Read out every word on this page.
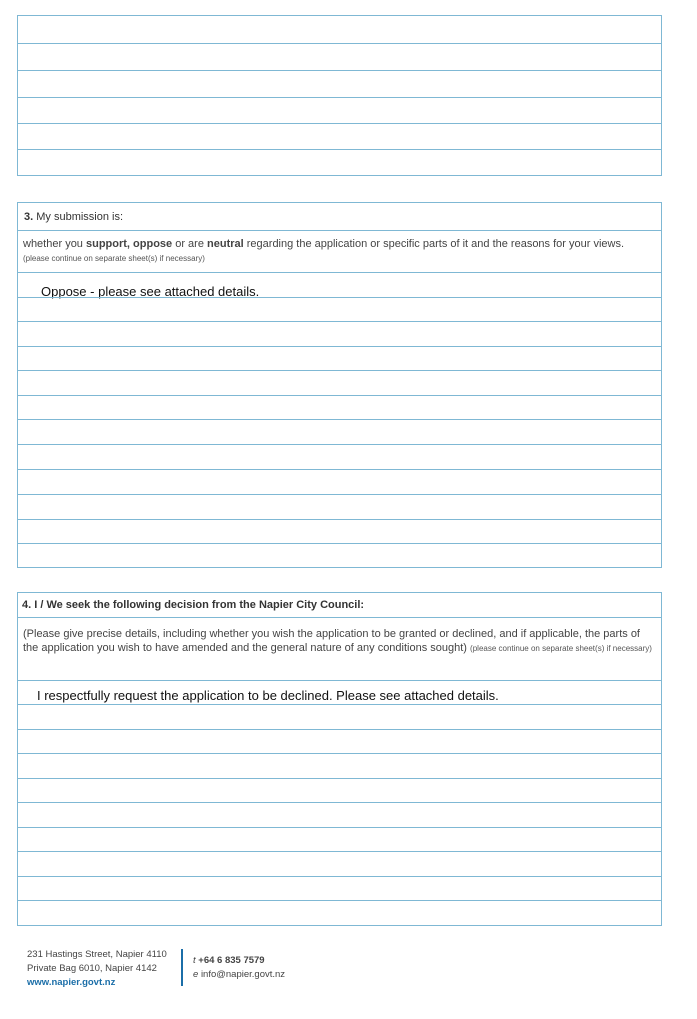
3. My submission is:
whether you support, oppose or are neutral regarding the application or specific parts of it and the reasons for your views. (please continue on separate sheet(s) if necessary)
Oppose - please see attached details.
4. I / We seek the following decision from the Napier City Council:
(Please give precise details, including whether you wish the application to be granted or declined, and if applicable, the parts of the application you wish to have amended and the general nature of any conditions sought) (please continue on separate sheet(s) if necessary)
I respectfully request the application to be declined. Please see attached details.
231 Hastings Street, Napier 4110
Private Bag 6010, Napier 4142
www.napier.govt.nz
t +64 6 835 7579
e info@napier.govt.nz
